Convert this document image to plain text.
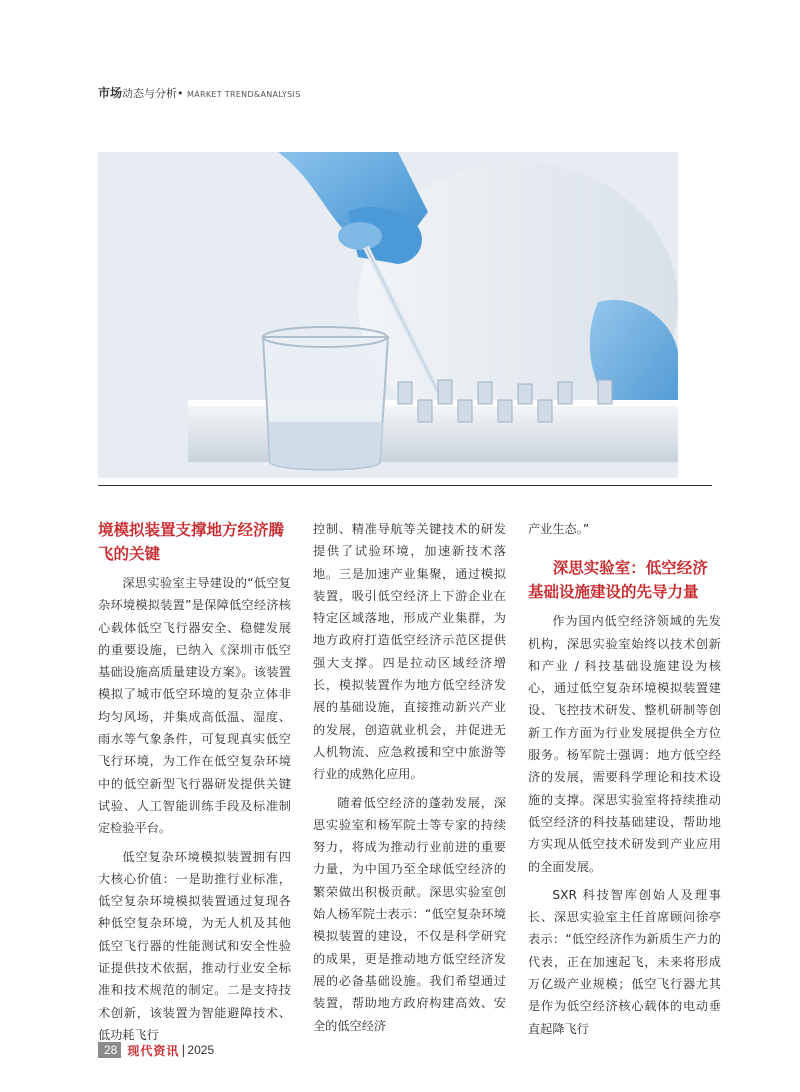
市场动态与分析• MARKET TREND&ANALYSIS
境模拟装置支撑地方经济腾飞的关键

深思实验室主导建设的“低空复杂环境模拟装置”是保障低空经济核心载体低空飞行器安全、稳健发展的重要设施，已纳入《深圳市低空基础设施高质量建设方案》。该装置模拟了城市低空环境的复杂立体非均匀风场，并集成高低温、湿度、雨水等气象条件，可复现真实低空飞行环境，为工作在低空复杂环境中的低空新型飞行器研发提供关键试验、人工智能训练手段及标准制定检验平台。

低空复杂环境模拟装置拥有四大核心价值：一是助推行业标准，低空复杂环境模拟装置通过复现各种低空复杂环境，为无人机及其他低空飞行器的性能测试和安全性验证提供技术依据，推动行业安全标准和技术规范的制定。二是支持技术创新，该装置为智能避障技术、低功耗飞行

控制、精准导航等关键技术的研发提供了试验环境，加速新技术落地。三是加速产业集聚，通过模拟装置，吸引低空经济上下游企业在特定区域落地，形成产业集群，为地方政府打造低空经济示范区提供强大支撑。四是拉动区域经济增长，模拟装置作为地方低空经济发展的基础设施，直接推动新兴产业的发展，创造就业机会，并促进无人机物流、应急救援和空中旅游等行业的成熟化应用。

随着低空经济的蓬勃发展，深思实验室和杨军院士等专家的持续努力，将成为推动行业前进的重要力量，为中国乃至全球低空经济的繁荣做出积极贡献。深思实验室创始人杨军院士表示：“低空复杂环境模拟装置的建设，不仅是科学研究的成果，更是推动地方低空经济发展的必备基础设施。我们希望通过装置，帮助地方政府构建高效、安全的低空经济

产业生态。”

深思实验室：低空经济基础设施建设的先导力量

作为国内低空经济领域的先发机构，深思实验室始终以技术创新和产业 / 科技基础设施建设为核心，通过低空复杂环境模拟装置建设、飞控技术研发、整机研制等创新工作方面为行业发展提供全方位服务。杨军院士强调：地方低空经济的发展，需要科学理论和技术设施的支撑。深思实验室将持续推动低空经济的科技基础建设，帮助地方实现从低空技术研发到产业应用的全面发展。

SXR 科技智库创始人及理事长、深思实验室主任首席顾问徐亭表示：“低空经济作为新质生产力的代表，正在加速起飞，未来将形成万亿级产业规模；低空飞行器尤其是作为低空经济核心载体的电动垂直起降飞行

28 现代资讯 | 2025
